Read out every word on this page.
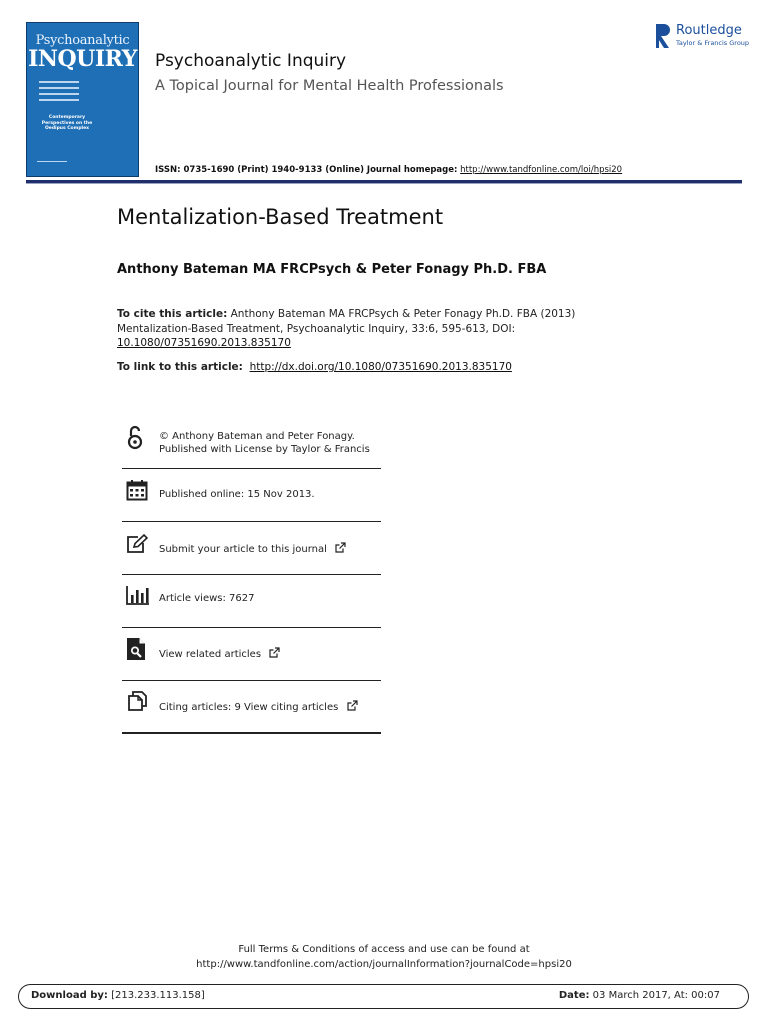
Psychoanalytic
INQUIRY
Contemporary Perspectives on the Oedipus Complex
Psychoanalytic Inquiry
A Topical Journal for Mental Health Professionals
Routledge
Taylor & Francis Group
ISSN: 0735-1690 (Print) 1940-9133 (Online) Journal homepage: http://www.tandfonline.com/loi/hpsi20
Mentalization-Based Treatment
Anthony Bateman MA FRCPsych & Peter Fonagy Ph.D. FBA
To cite this article: Anthony Bateman MA FRCPsych & Peter Fonagy Ph.D. FBA (2013) Mentalization-Based Treatment, Psychoanalytic Inquiry, 33:6, 595-613, DOI:
10.1080/07351690.2013.835170
To link to this article: http://dx.doi.org/10.1080/07351690.2013.835170
© Anthony Bateman and Peter Fonagy.
Published with License by Taylor & Francis
Published online: 15 Nov 2013.
Submit your article to this journal
Article views: 7627
View related articles
Citing articles: 9 View citing articles
Full Terms & Conditions of access and use can be found at
http://www.tandfonline.com/action/journalInformation?journalCode=hpsi20
Download by: [213.233.113.158]	Date: 03 March 2017, At: 00:07
